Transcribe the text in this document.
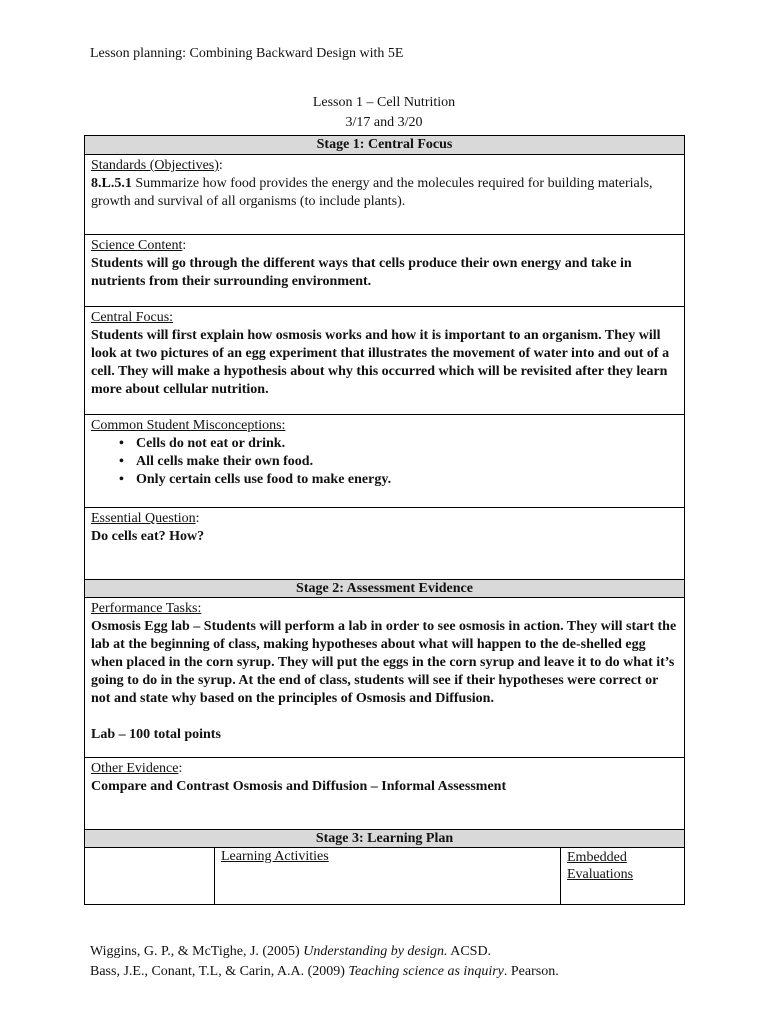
Lesson planning: Combining Backward Design with 5E
Lesson 1 – Cell Nutrition
3/17 and 3/20
Stage 1: Central Focus
Standards (Objectives):
8.L.5.1 Summarize how food provides the energy and the molecules required for building materials, growth and survival of all organisms (to include plants).
Science Content:
Students will go through the different ways that cells produce their own energy and take in nutrients from their surrounding environment.
Central Focus:
Students will first explain how osmosis works and how it is important to an organism. They will look at two pictures of an egg experiment that illustrates the movement of water into and out of a cell. They will make a hypothesis about why this occurred which will be revisited after they learn more about cellular nutrition.
Common Student Misconceptions:
• Cells do not eat or drink.
• All cells make their own food.
• Only certain cells use food to make energy.
Essential Question:
Do cells eat? How?
Stage 2: Assessment Evidence
Performance Tasks:
Osmosis Egg lab – Students will perform a lab in order to see osmosis in action. They will start the lab at the beginning of class, making hypotheses about what will happen to the de-shelled egg when placed in the corn syrup. They will put the eggs in the corn syrup and leave it to do what it’s going to do in the syrup. At the end of class, students will see if their hypotheses were correct or not and state why based on the principles of Osmosis and Diffusion.
Lab – 100 total points
Other Evidence:
Compare and Contrast Osmosis and Diffusion – Informal Assessment
Stage 3: Learning Plan
Learning Activities	Embedded
Evaluations
Wiggins, G. P., & McTighe, J. (2005) Understanding by design. ACSD.
Bass, J.E., Conant, T.L, & Carin, A.A. (2009) Teaching science as inquiry. Pearson.
